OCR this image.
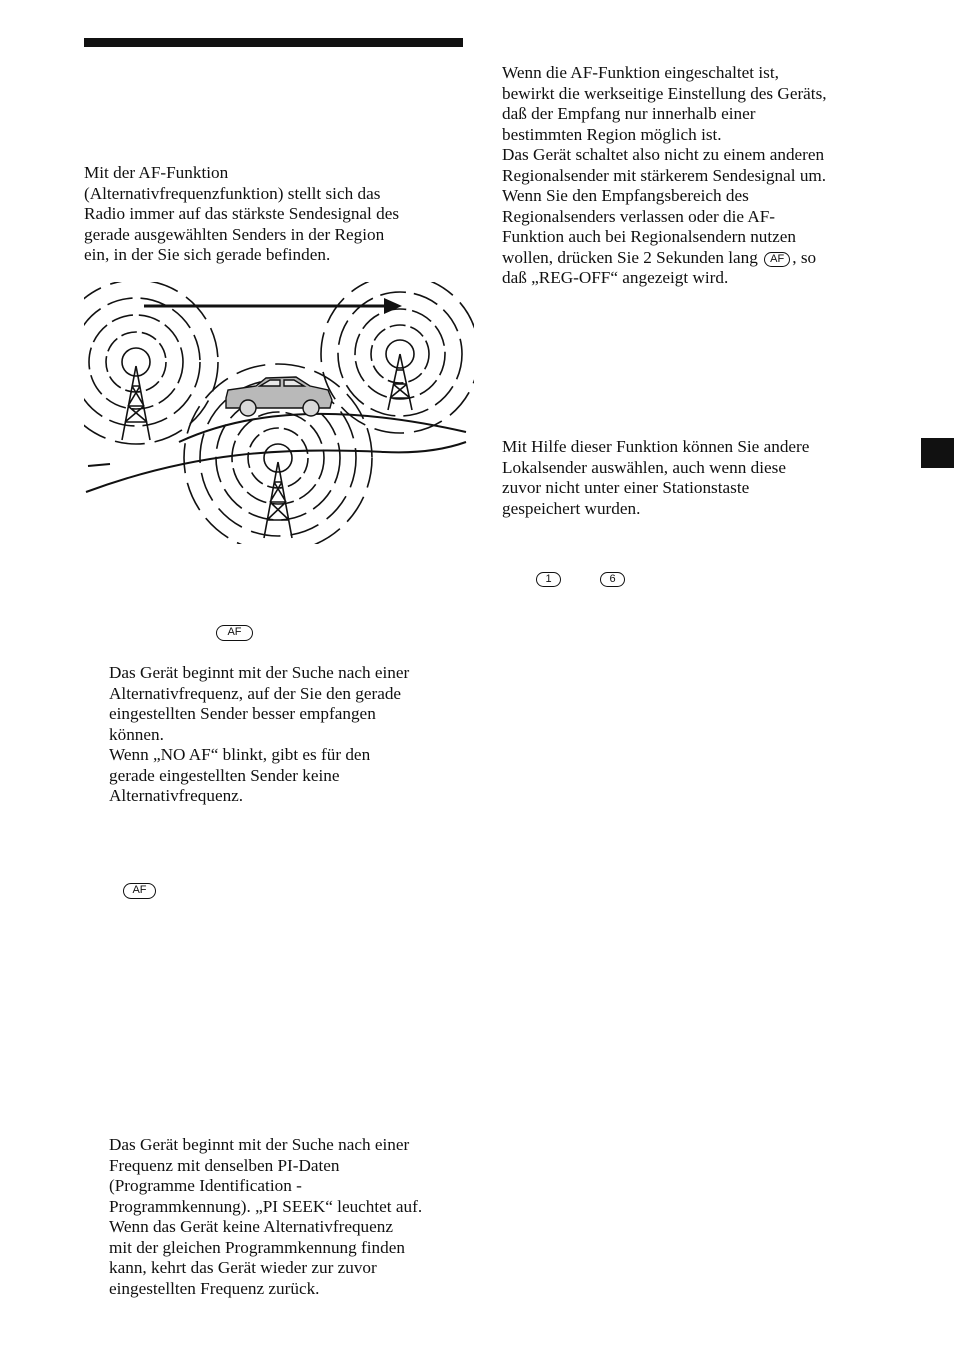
Mit der AF-Funktion
(Alternativfrequenzfunktion) stellt sich das
Radio immer auf das stärkste Sendesignal des
gerade ausgewählten Senders in der Region
ein, in der Sie sich gerade befinden.

AF

Das Gerät beginnt mit der Suche nach einer
Alternativfrequenz, auf der Sie den gerade
eingestellten Sender besser empfangen
können.
Wenn „NO AF“ blinkt, gibt es für den
gerade eingestellten Sender keine
Alternativfrequenz.

AF

Das Gerät beginnt mit der Suche nach einer
Frequenz mit denselben PI-Daten
(Programme Identification -
Programmkennung). „PI SEEK“ leuchtet auf.
Wenn das Gerät keine Alternativfrequenz
mit der gleichen Programmkennung finden
kann, kehrt das Gerät wieder zur zuvor
eingestellten Frequenz zurück.

Wenn die AF-Funktion eingeschaltet ist,
bewirkt die werkseitige Einstellung des Geräts,
daß der Empfang nur innerhalb einer
bestimmten Region möglich ist.
Das Gerät schaltet also nicht zu einem anderen
Regionalsender mit stärkerem Sendesignal um.
Wenn Sie den Empfangsbereich des
Regionalsenders verlassen oder die AF-
Funktion auch bei Regionalsendern nutzen
wollen, drücken Sie 2 Sekunden lang AF , so
daß „REG-OFF“ angezeigt wird.

Mit Hilfe dieser Funktion können Sie andere
Lokalsender auswählen, auch wenn diese
zuvor nicht unter einer Stationstaste
gespeichert wurden.

1	6
